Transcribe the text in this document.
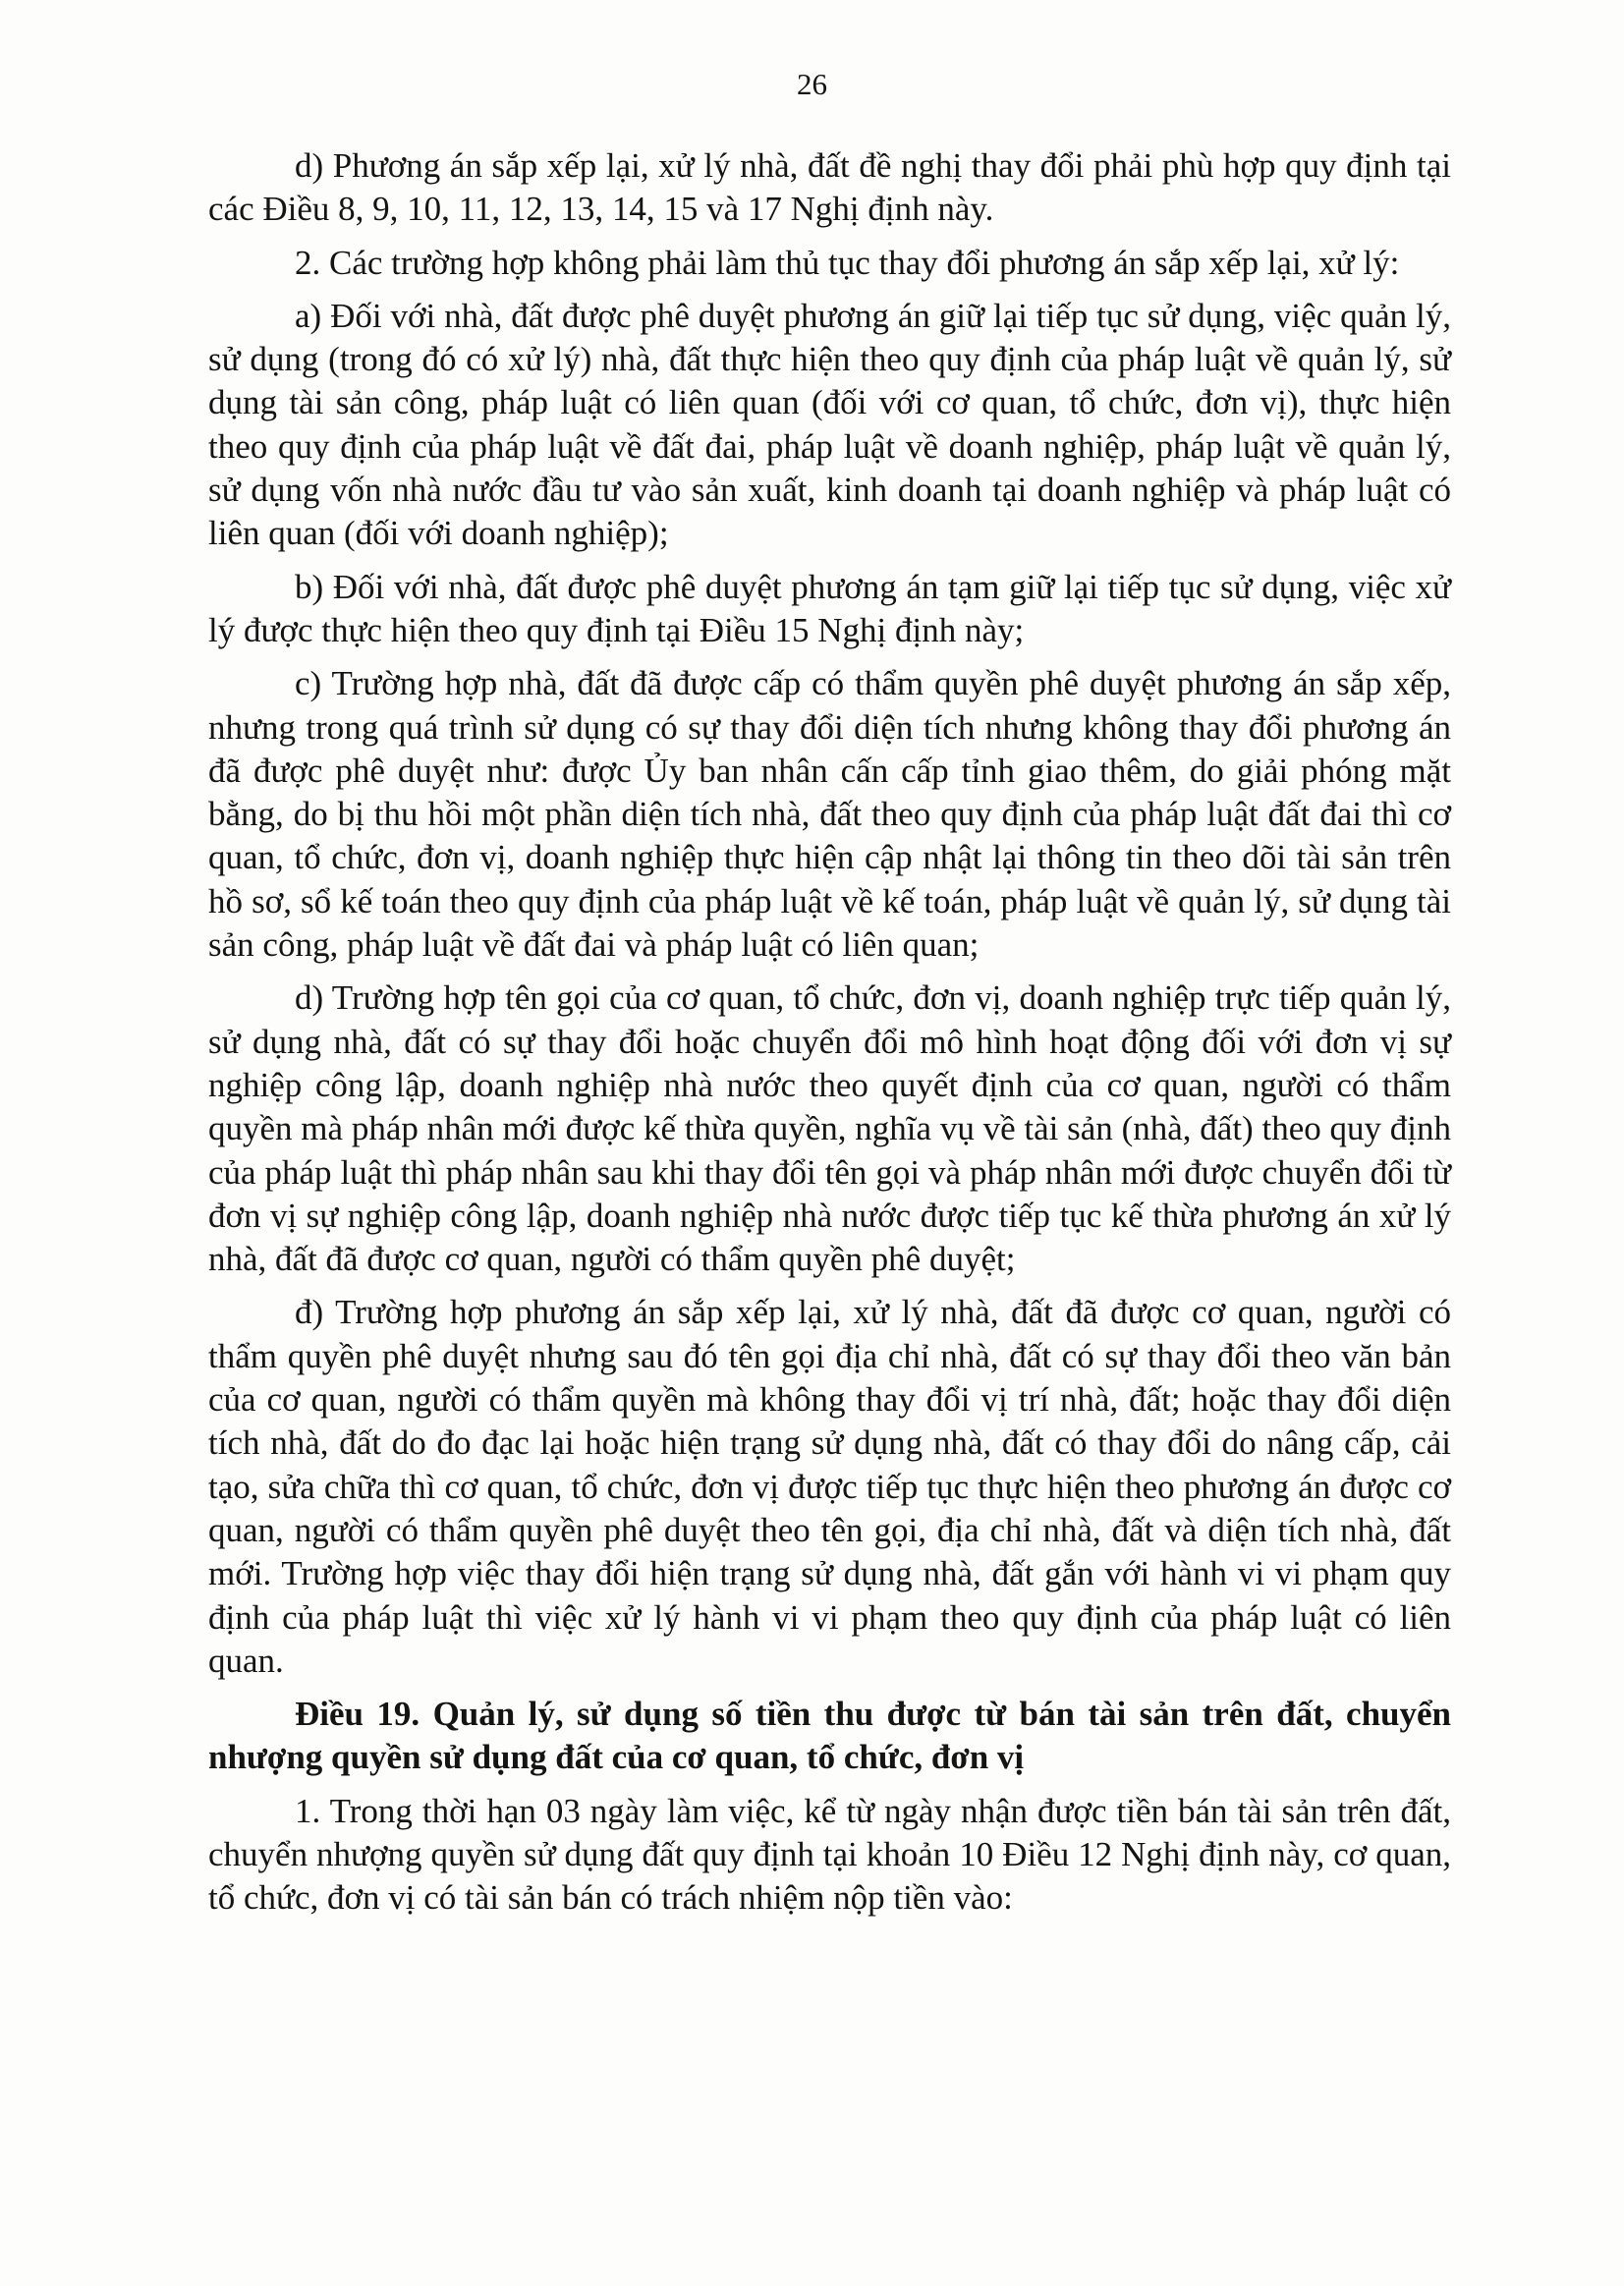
26

d) Phương án sắp xếp lại, xử lý nhà, đất đề nghị thay đổi phải phù hợp quy định tại các Điều 8, 9, 10, 11, 12, 13, 14, 15 và 17 Nghị định này.

2. Các trường hợp không phải làm thủ tục thay đổi phương án sắp xếp lại, xử lý:

a) Đối với nhà, đất được phê duyệt phương án giữ lại tiếp tục sử dụng, việc quản lý, sử dụng (trong đó có xử lý) nhà, đất thực hiện theo quy định của pháp luật về quản lý, sử dụng tài sản công, pháp luật có liên quan (đối với cơ quan, tổ chức, đơn vị), thực hiện theo quy định của pháp luật về đất đai, pháp luật về doanh nghiệp, pháp luật về quản lý, sử dụng vốn nhà nước đầu tư vào sản xuất, kinh doanh tại doanh nghiệp và pháp luật có liên quan (đối với doanh nghiệp);

b) Đối với nhà, đất được phê duyệt phương án tạm giữ lại tiếp tục sử dụng, việc xử lý được thực hiện theo quy định tại Điều 15 Nghị định này;

c) Trường hợp nhà, đất đã được cấp có thẩm quyền phê duyệt phương án sắp xếp, nhưng trong quá trình sử dụng có sự thay đổi diện tích nhưng không thay đổi phương án đã được phê duyệt như: được Ủy ban nhân cấn cấp tỉnh giao thêm, do giải phóng mặt bằng, do bị thu hồi một phần diện tích nhà, đất theo quy định của pháp luật đất đai thì cơ quan, tổ chức, đơn vị, doanh nghiệp thực hiện cập nhật lại thông tin theo dõi tài sản trên hồ sơ, sổ kế toán theo quy định của pháp luật về kế toán, pháp luật về quản lý, sử dụng tài sản công, pháp luật về đất đai và pháp luật có liên quan;

d) Trường hợp tên gọi của cơ quan, tổ chức, đơn vị, doanh nghiệp trực tiếp quản lý, sử dụng nhà, đất có sự thay đổi hoặc chuyển đổi mô hình hoạt động đối với đơn vị sự nghiệp công lập, doanh nghiệp nhà nước theo quyết định của cơ quan, người có thẩm quyền mà pháp nhân mới được kế thừa quyền, nghĩa vụ về tài sản (nhà, đất) theo quy định của pháp luật thì pháp nhân sau khi thay đổi tên gọi và pháp nhân mới được chuyển đổi từ đơn vị sự nghiệp công lập, doanh nghiệp nhà nước được tiếp tục kế thừa phương án xử lý nhà, đất đã được cơ quan, người có thẩm quyền phê duyệt;

đ) Trường hợp phương án sắp xếp lại, xử lý nhà, đất đã được cơ quan, người có thẩm quyền phê duyệt nhưng sau đó tên gọi địa chỉ nhà, đất có sự thay đổi theo văn bản của cơ quan, người có thẩm quyền mà không thay đổi vị trí nhà, đất; hoặc thay đổi diện tích nhà, đất do đo đạc lại hoặc hiện trạng sử dụng nhà, đất có thay đổi do nâng cấp, cải tạo, sửa chữa thì cơ quan, tổ chức, đơn vị được tiếp tục thực hiện theo phương án được cơ quan, người có thẩm quyền phê duyệt theo tên gọi, địa chỉ nhà, đất và diện tích nhà, đất mới. Trường hợp việc thay đổi hiện trạng sử dụng nhà, đất gắn với hành vi vi phạm quy định của pháp luật thì việc xử lý hành vi vi phạm theo quy định của pháp luật có liên quan.

Điều 19. Quản lý, sử dụng số tiền thu được từ bán tài sản trên đất, chuyển nhượng quyền sử dụng đất của cơ quan, tổ chức, đơn vị

1. Trong thời hạn 03 ngày làm việc, kể từ ngày nhận được tiền bán tài sản trên đất, chuyển nhượng quyền sử dụng đất quy định tại khoản 10 Điều 12 Nghị định này, cơ quan, tổ chức, đơn vị có tài sản bán có trách nhiệm nộp tiền vào:
